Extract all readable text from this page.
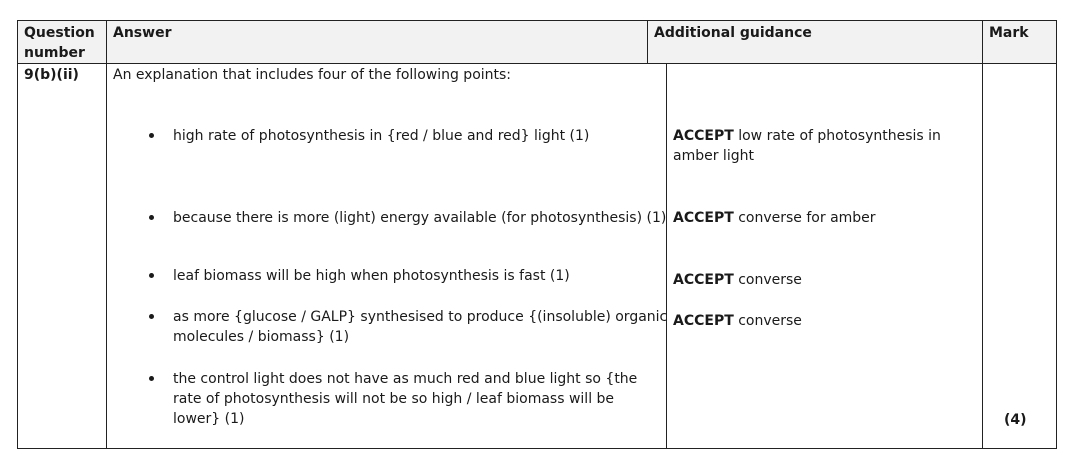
Question
number
Answer	Additional guidance	Mark
9(b)(ii) An explanation that includes four of the following points:
high rate of photosynthesis in {red / blue and red} light (1)
because there is more (light) energy available (for photosynthesis) (1)
leaf biomass will be high when photosynthesis is fast (1)
as more {glucose / GALP} synthesised to produce {(insoluble) organic
molecules / biomass} (1)
the control light does not have as much red and blue light so {the
rate of photosynthesis will not be so high / leaf biomass will be
lower} (1)
ACCEPT low rate of photosynthesis in
amber light
ACCEPT converse for amber
ACCEPT converse
ACCEPT converse
(4)
